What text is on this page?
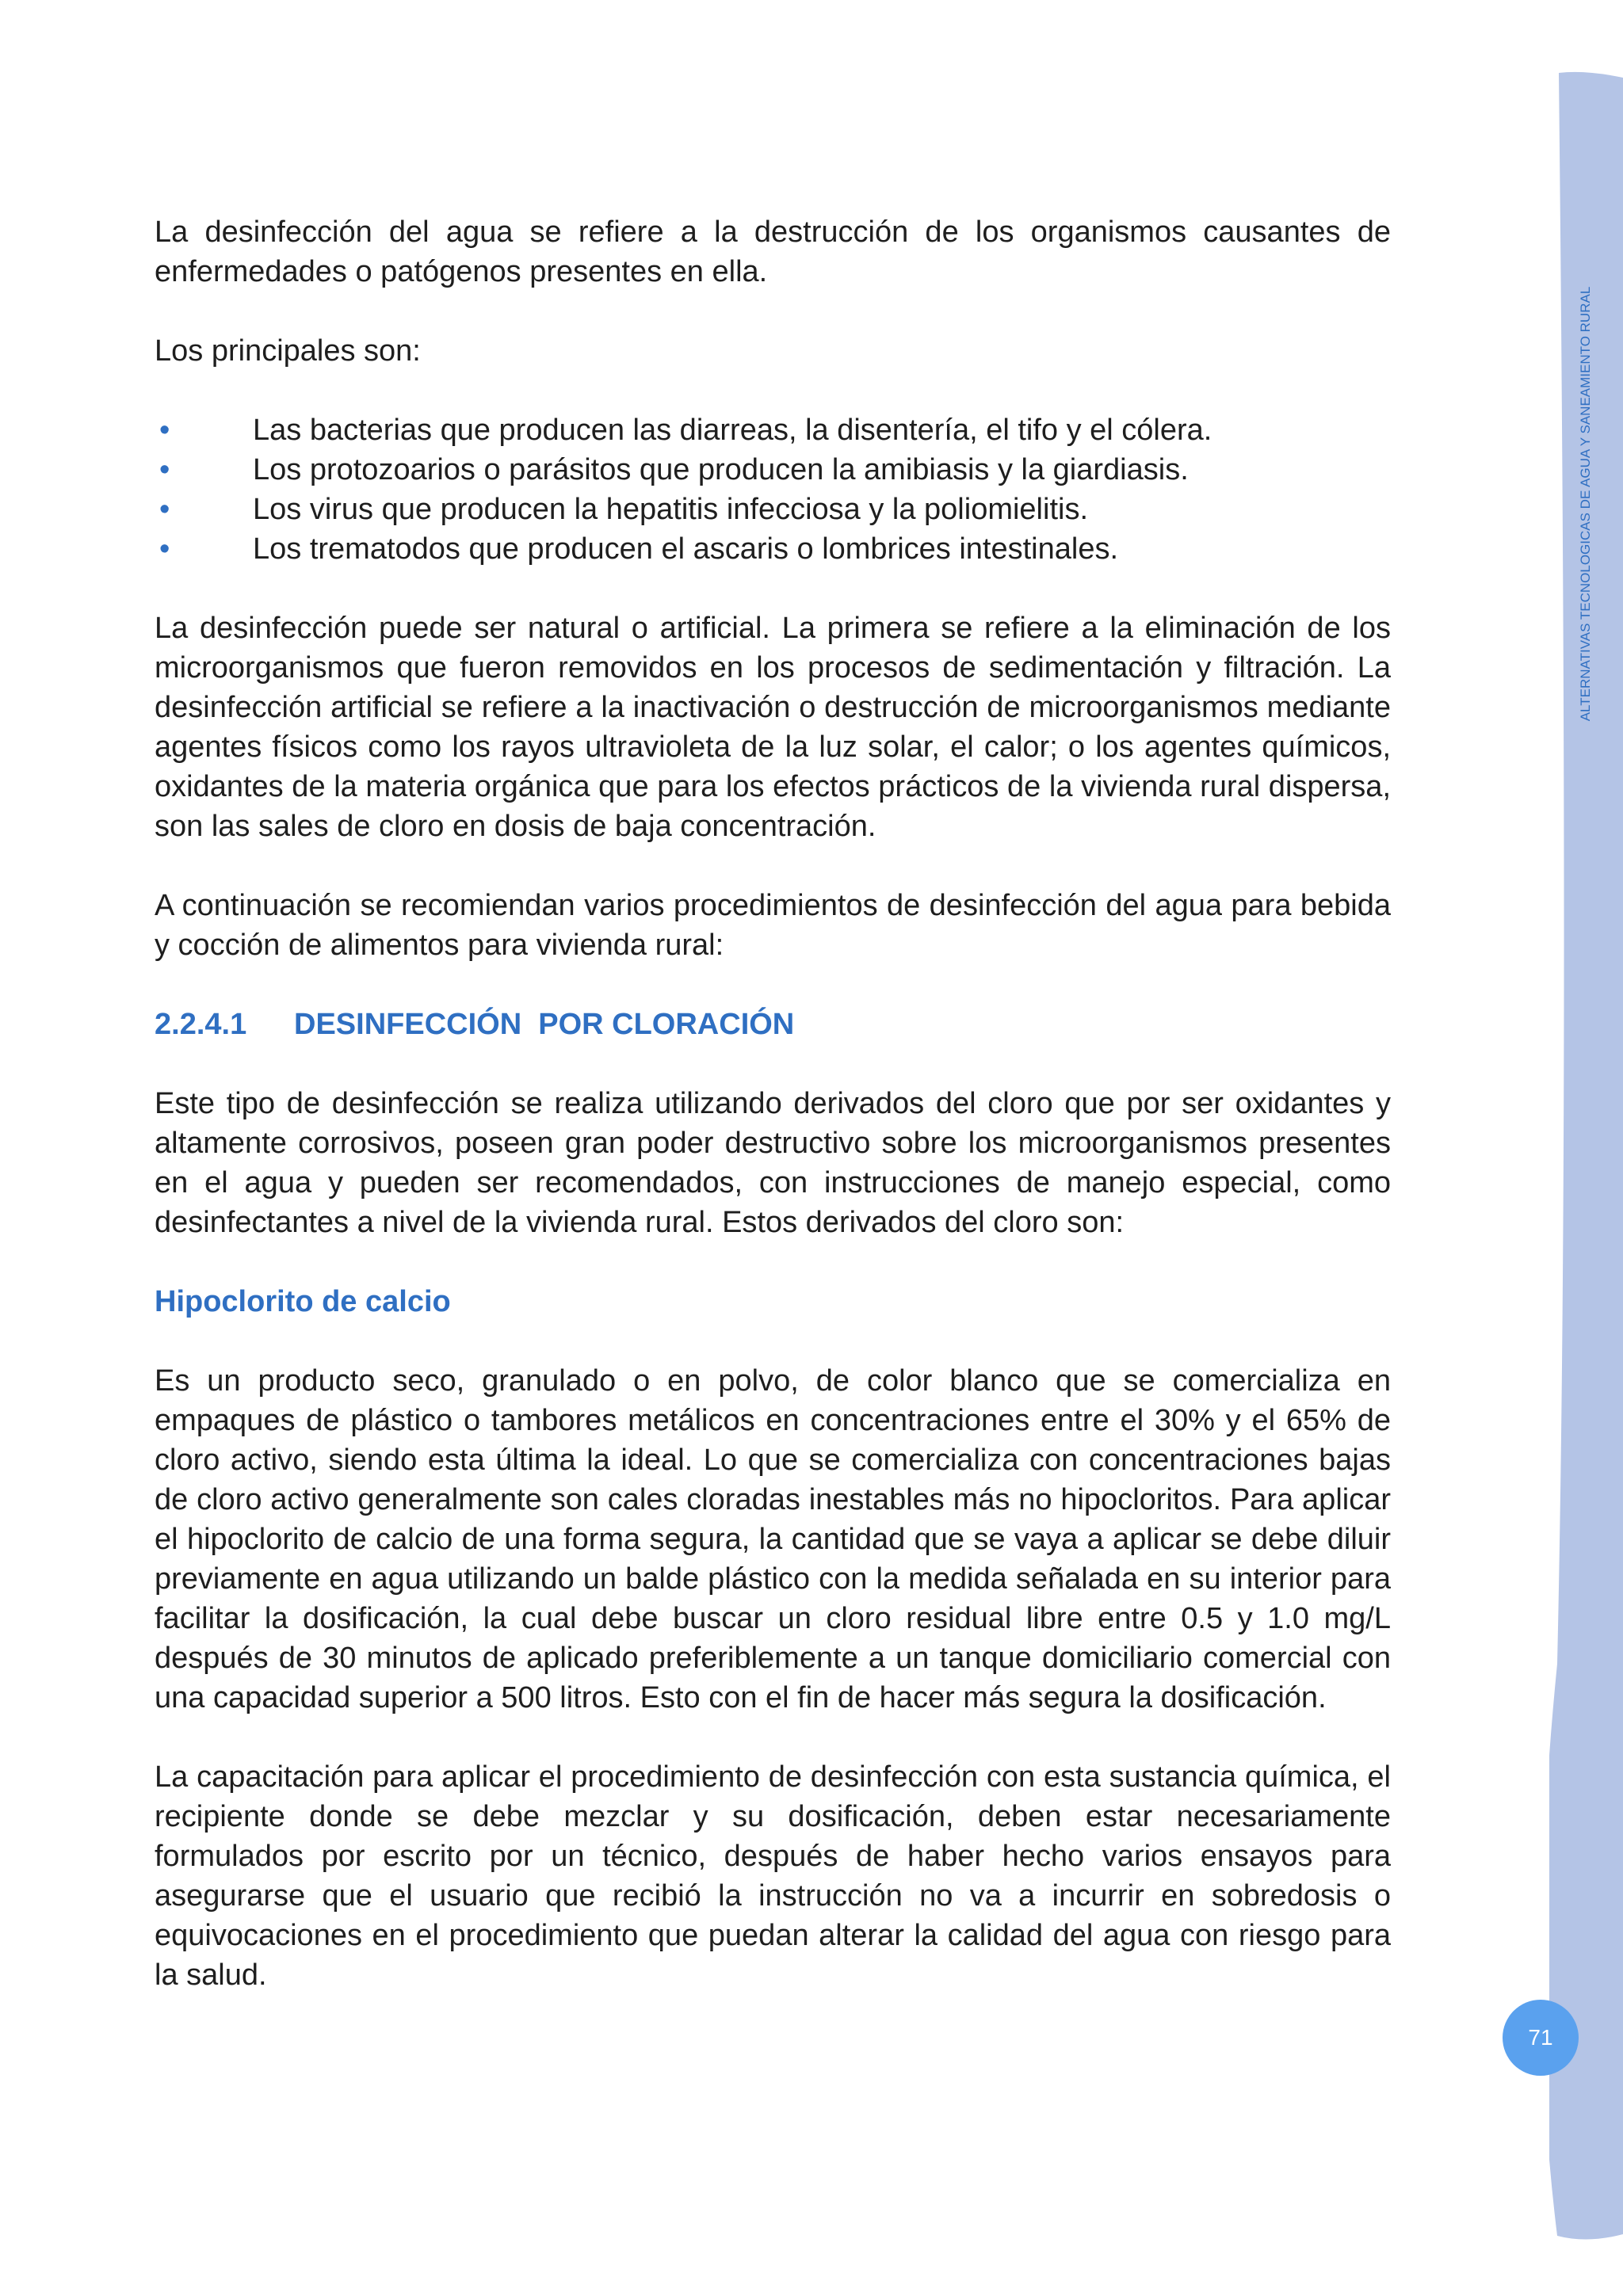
ALTERNATIVAS TECNOLOGICAS DE AGUA Y SANEAMIENTO RURAL
71

La desinfección del agua se refiere a la destrucción de los organismos causantes de enfermedades o patógenos presentes en ella.

Los principales son:

•	Las bacterias que producen las diarreas, la disentería, el tifo y el cólera.
•	Los protozoarios o parásitos que producen la amibiasis y la giardiasis.
•	Los virus que producen la hepatitis infecciosa y la poliomielitis.
•	Los trematodos que producen el ascaris o lombrices intestinales.

La desinfección puede ser natural o artificial. La primera se refiere a la eliminación de los microorganismos que fueron removidos en los procesos de sedimentación y filtración. La desinfección artificial se refiere a la inactivación o destrucción de microorganismos mediante agentes físicos como los rayos ultravioleta de la luz solar, el calor; o los agentes químicos, oxidantes de la materia orgánica que para los efectos prácticos de la vivienda rural dispersa, son las sales de cloro en dosis de baja concentración.

A continuación se recomiendan varios procedimientos de desinfección del agua para bebida y cocción de alimentos para vivienda rural:

2.2.4.1 DESINFECCIÓN  POR CLORACIÓN

Este tipo de desinfección se realiza utilizando derivados del cloro que por ser oxidantes y altamente corrosivos, poseen gran poder destructivo sobre los microorganismos presentes en el agua y pueden ser recomendados, con instrucciones de manejo especial, como desinfectantes a nivel de la vivienda rural. Estos derivados del cloro son:

Hipoclorito de calcio

Es un producto seco, granulado o en polvo, de color blanco que se comercializa en empaques de plástico o tambores metálicos en concentraciones entre el 30% y el 65% de cloro activo, siendo esta última la ideal. Lo que se comercializa con concentraciones bajas de cloro activo generalmente son cales cloradas inestables más no hipocloritos. Para aplicar el hipoclorito de calcio de una forma segura, la cantidad que se vaya a aplicar se debe diluir previamente en agua utilizando un balde plástico con la medida señalada en su interior para facilitar la dosificación, la cual debe buscar un cloro residual libre entre 0.5 y 1.0 mg/L después de 30 minutos de aplicado preferiblemente a un tanque domiciliario comercial con una capacidad superior a 500 litros. Esto con el fin de hacer más segura la dosificación.

La capacitación para aplicar el procedimiento de desinfección con esta sustancia química, el recipiente donde se debe mezclar y su dosificación, deben estar necesariamente formulados por escrito por un técnico, después de haber hecho varios ensayos para asegurarse que el usuario que recibió la instrucción no va a incurrir en sobredosis o equivocaciones en el procedimiento que puedan alterar la calidad del agua con riesgo para la salud.
